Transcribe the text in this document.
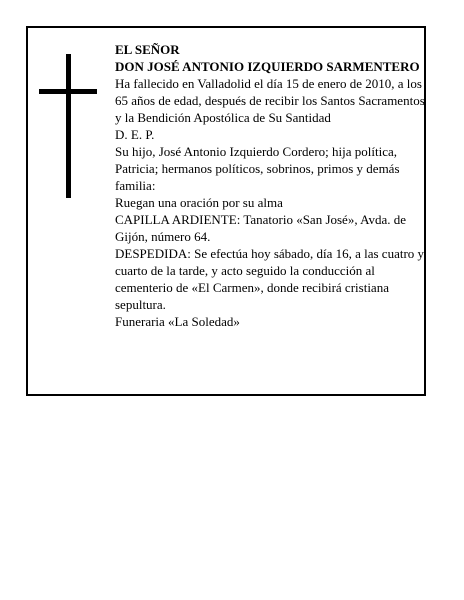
EL SEÑOR

DON JOSÉ ANTONIO IZQUIERDO SARMENTERO

Ha fallecido en Valladolid el día 15 de enero de 2010, a los 65 años de edad, después de recibir los Santos Sacramentos y la Bendición Apostólica de Su Santidad

D. E. P.

Su hijo, José Antonio Izquierdo Cordero; hija política, Patricia; hermanos políticos, sobrinos, primos y demás familia:

Ruegan una oración por su alma

CAPILLA ARDIENTE: Tanatorio «San José», Avda. de Gijón, número 64.

DESPEDIDA: Se efectúa hoy sábado, día 16, a las cuatro y cuarto de la tarde, y acto seguido la conducción al cementerio de «El Carmen», donde recibirá cristiana sepultura.

Funeraria «La Soledad»
